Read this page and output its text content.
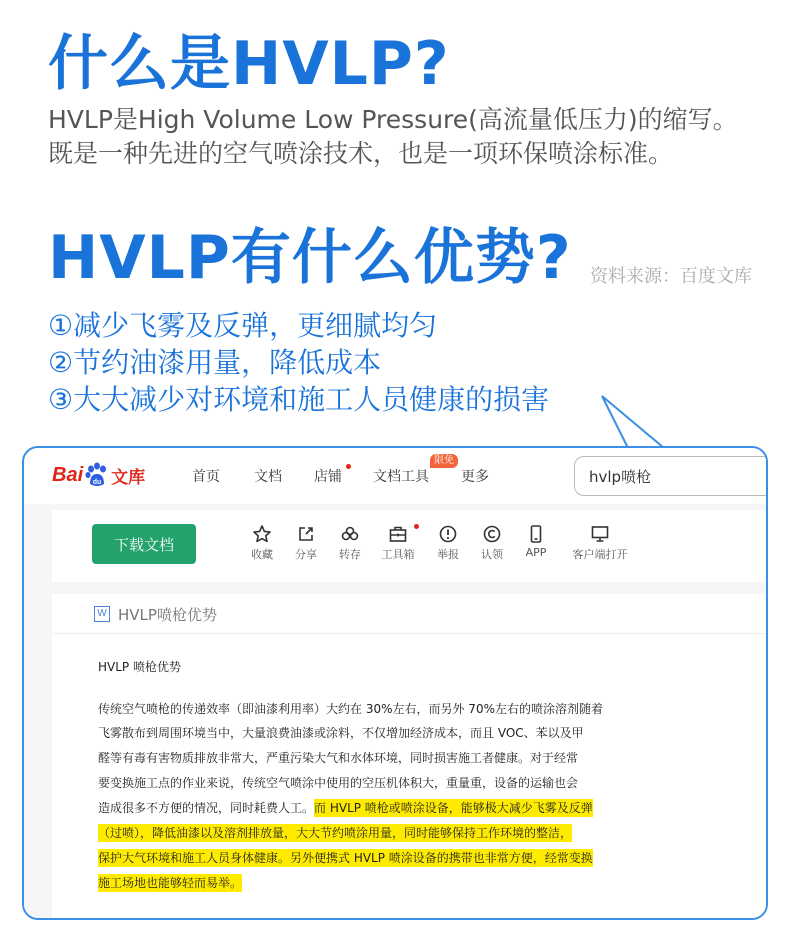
什么是HVLP?
HVLP是High Volume Low Pressure(高流量低压力)的缩写。
既是一种先进的空气喷涂技术，也是一项环保喷涂标准。
HVLP有什么优势? 资料来源：百度文库
①减少飞雾及反弹，更细腻均匀
②节约油漆用量，降低成本
③大大减少对环境和施工人员健康的损害
Bai du 文库	首页 文档 店铺 文档工具
限免
更多
hvlp喷枪
下载文档
收藏	分享	转存	工具箱	举报	认领	APP	客户端打开
W HVLP喷枪优势
HVLP 喷枪优势
传统空气喷枪的传递效率（即油漆利用率）大约在 30%左右，而另外 70%左右的喷涂溶剂随着
飞雾散布到周围环境当中，大量浪费油漆或涂料，不仅增加经济成本，而且 VOC、苯以及甲
醛等有毒有害物质排放非常大，严重污染大气和水体环境，同时损害施工者健康。对于经常
要变换施工点的作业来说，传统空气喷涂中使用的空压机体积大，重量重，设备的运输也会
造成很多不方便的情况，同时耗费人工。而 HVLP 喷枪或喷涂设备，能够极大减少飞雾及反弹
（过喷），降低油漆以及溶剂排放量，大大节约喷涂用量，同时能够保持工作环境的整洁，
保护大气环境和施工人员身体健康。另外便携式 HVLP 喷涂设备的携带也非常方便，经常变换
施工场地也能够轻而易举。
